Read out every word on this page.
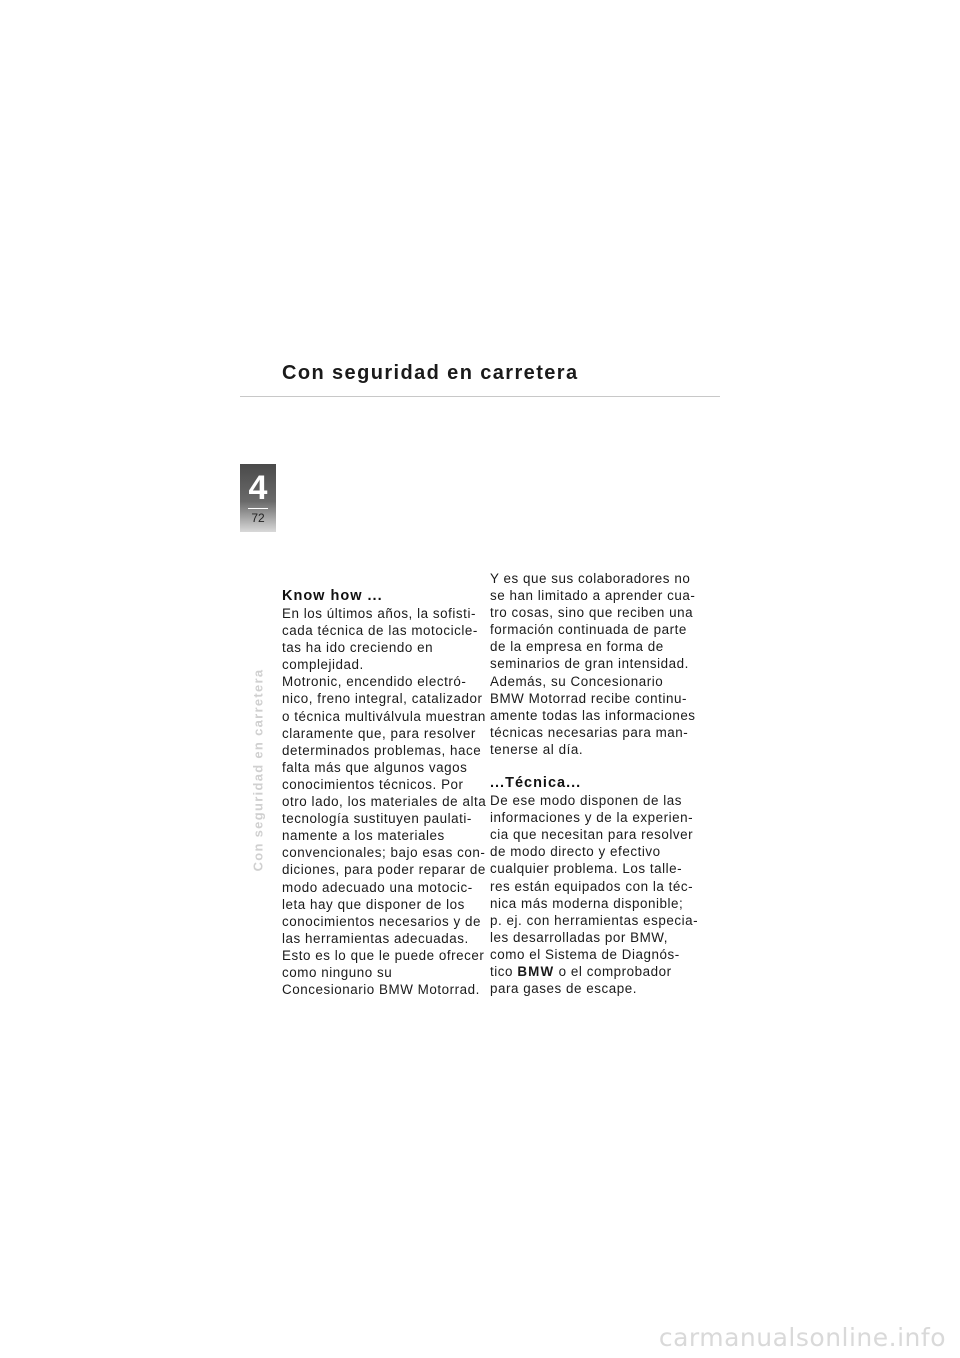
Con seguridad en carretera
4
72
Con seguridad en carretera
Know how ...
En los últimos años, la sofisti-
cada técnica de las motocicle-
tas ha ido creciendo en
complejidad.
Motronic, encendido electró-
nico, freno integral, catalizador
o técnica multiválvula muestran
claramente que, para resolver
determinados problemas, hace
falta más que algunos vagos
conocimientos técnicos. Por
otro lado, los materiales de alta
tecnología sustituyen paulati-
namente a los materiales
convencionales; bajo esas con-
diciones, para poder reparar de
modo adecuado una motocic-
leta hay que disponer de los
conocimientos necesarios y de
las herramientas adecuadas.
Esto es lo que le puede ofrecer
como ninguno su
Concesionario BMW Motorrad.
Y es que sus colaboradores no
se han limitado a aprender cua-
tro cosas, sino que reciben una
formación continuada de parte
de la empresa en forma de
seminarios de gran intensidad.
Además, su Concesionario
BMW Motorrad recibe continu-
amente todas las informaciones
técnicas necesarias para man-
tenerse al día.
...Técnica...
De ese modo disponen de las
informaciones y de la experien-
cia que necesitan para resolver
de modo directo y efectivo
cualquier problema. Los talle-
res están equipados con la téc-
nica más moderna disponible;
p. ej. con herramientas especia-
les desarrolladas por BMW,
como el Sistema de Diagnós-
tico BMW o el comprobador
para gases de escape.
carmanualsonline.info
